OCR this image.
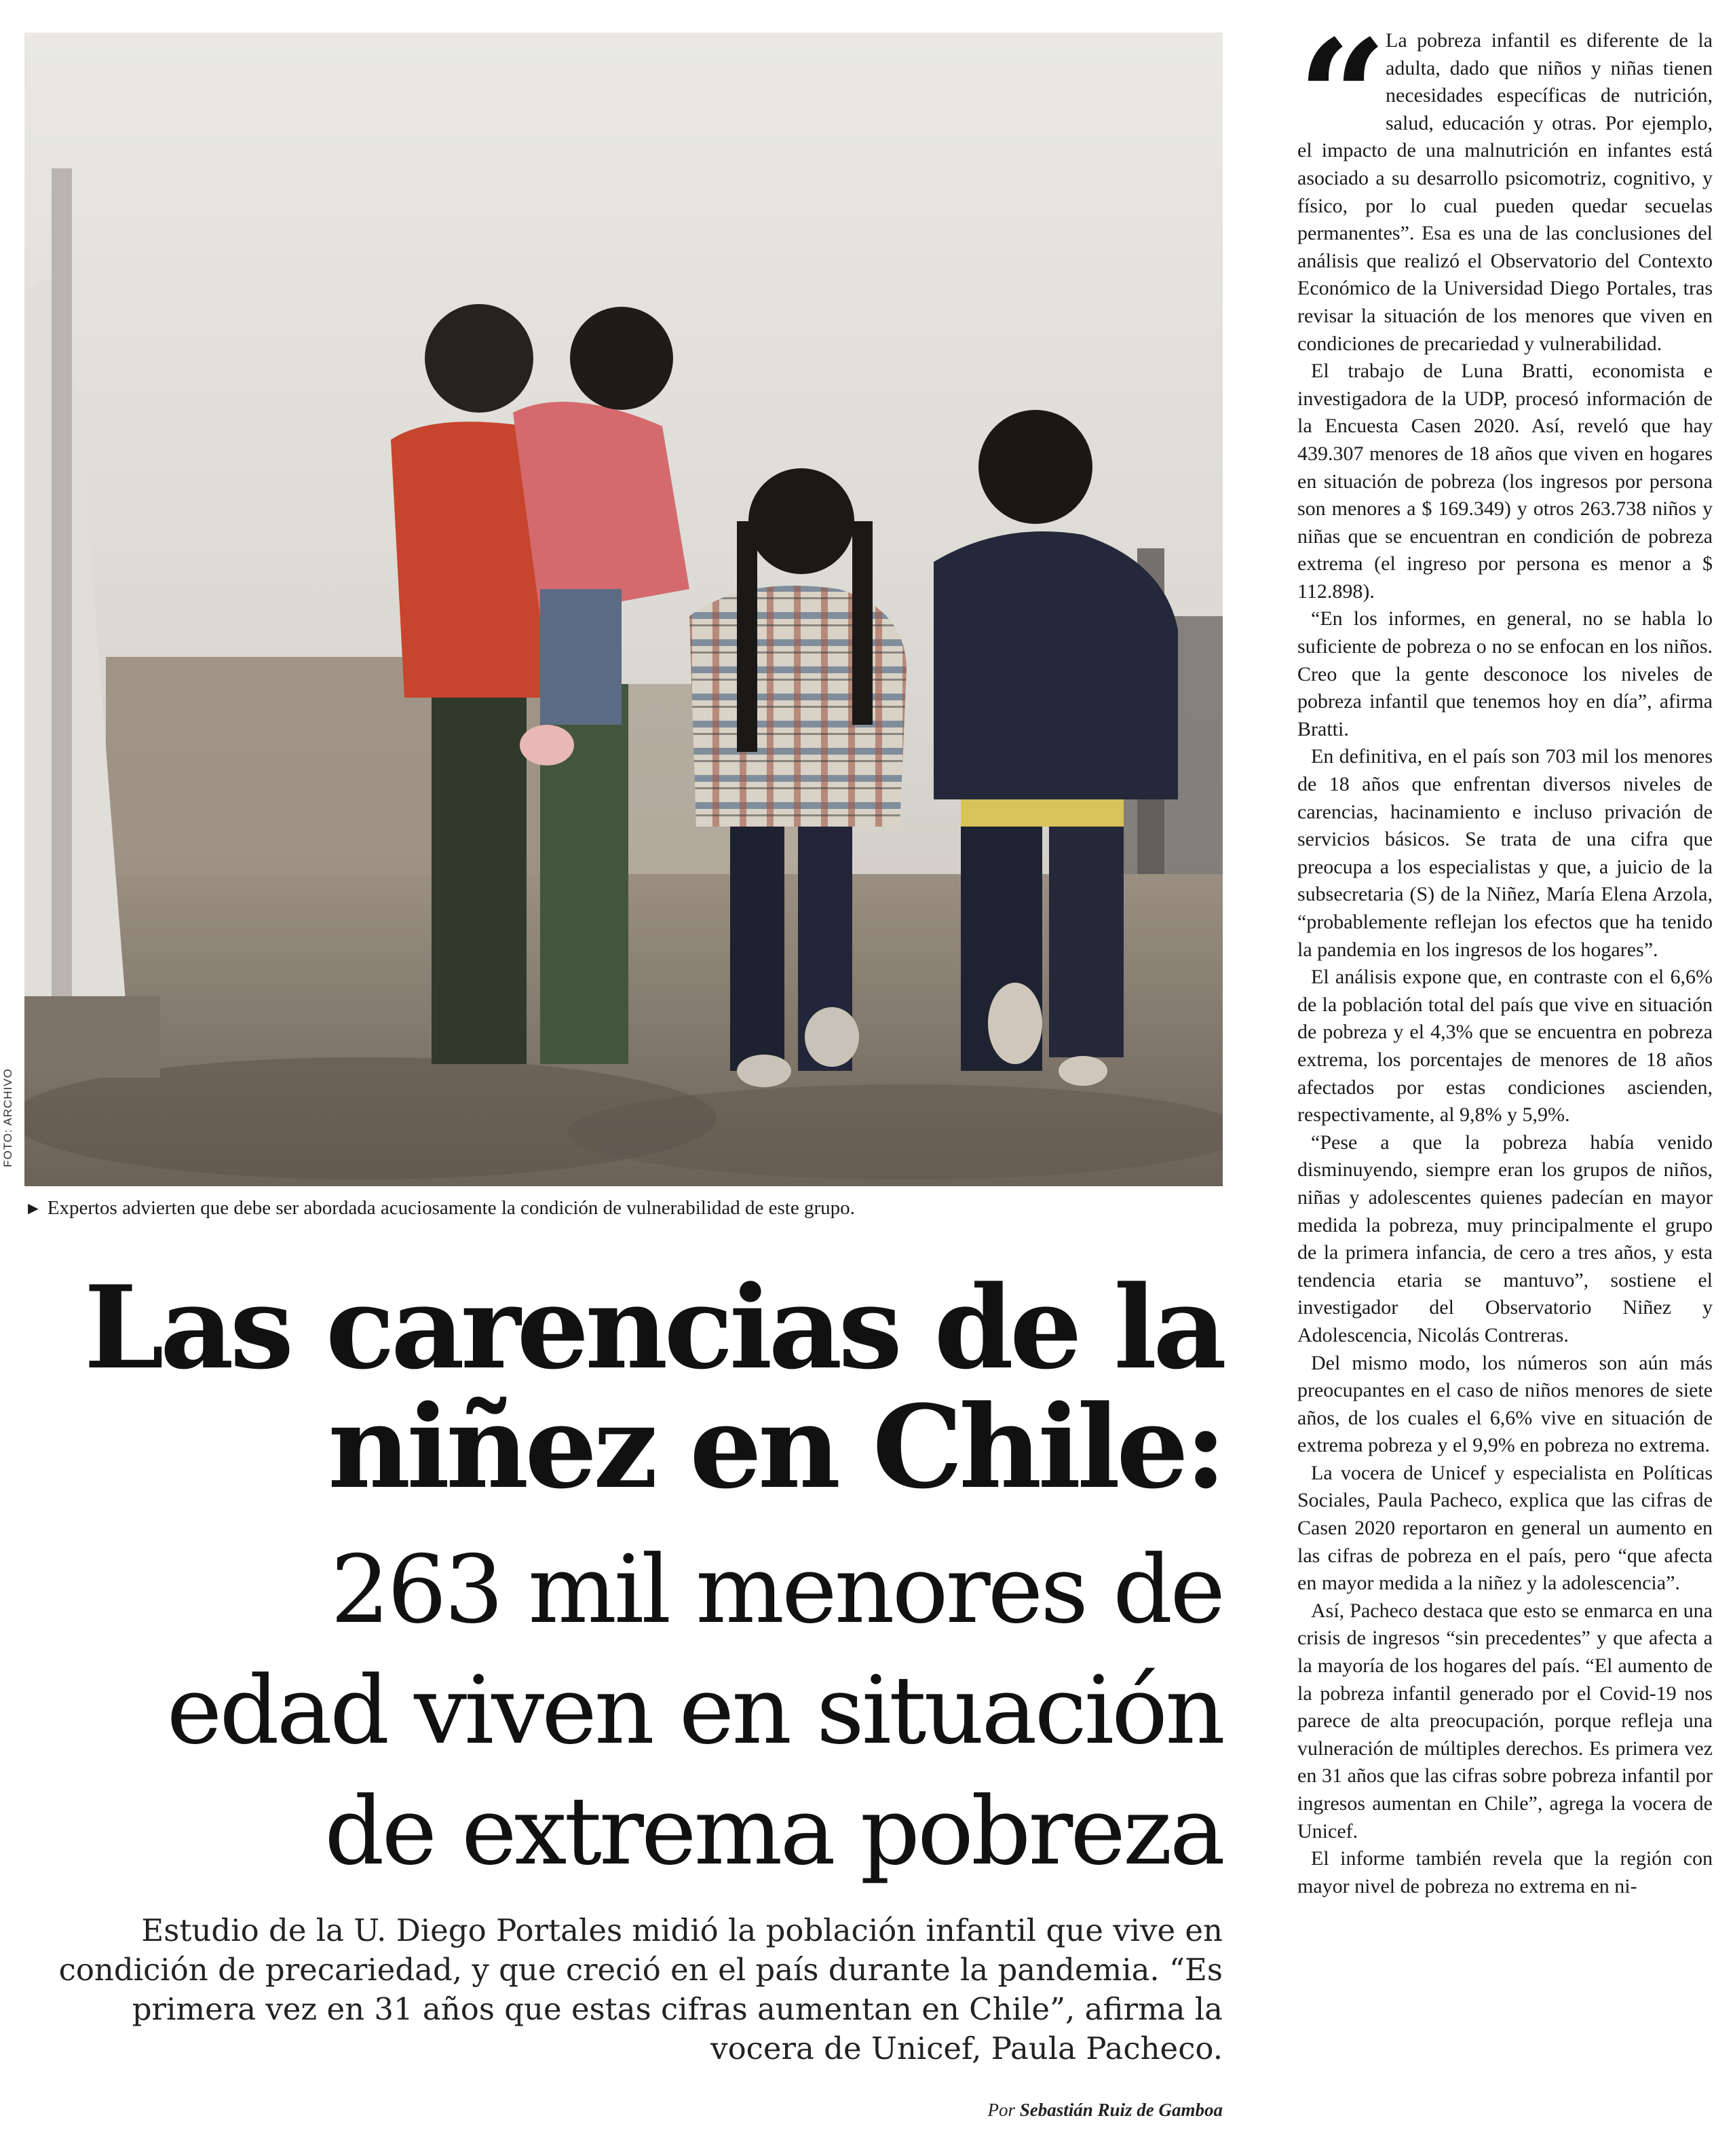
FOTO: ARCHIVO
► Expertos advierten que debe ser abordada acuciosamente la condición de vulnerabilidad de este grupo.
Las carencias de la
niñez en Chile:
263 mil menores de
edad viven en situación
de extrema pobreza

Estudio de la U. Diego Portales midió la población infantil que vive en condición de precariedad, y que creció en el país durante la pandemia. “Es primera vez en 31 años que estas cifras aumentan en Chile”, afirma la vocera de Unicef, Paula Pacheco.

Por Sebastián Ruiz de Gamboa
“

La pobreza infantil es diferente de la adulta, dado que niños y niñas tienen necesidades específicas de nutrición, salud, educación y otras. Por ejemplo, el impacto de una malnutrición en infantes está asociado a su desarrollo psicomotriz, cognitivo, y físico, por lo cual pueden quedar secuelas permanentes”. Esa es una de las conclusiones del análisis que realizó el Observatorio del Contexto Económico de la Universidad Diego Portales, tras revisar la situación de los menores que viven en condiciones de precariedad y vulnerabilidad.

El trabajo de Luna Bratti, economista e investigadora de la UDP, procesó información de la Encuesta Casen 2020. Así, reveló que hay 439.307 menores de 18 años que viven en hogares en situación de pobreza (los ingresos por persona son menores a $ 169.349) y otros 263.738 niños y niñas que se encuentran en condición de pobreza extrema (el ingreso por persona es menor a $ 112.898).

“En los informes, en general, no se habla lo suficiente de pobreza o no se enfocan en los niños. Creo que la gente desconoce los niveles de pobreza infantil que tenemos hoy en día”, afirma Bratti.

En definitiva, en el país son 703 mil los menores de 18 años que enfrentan diversos niveles de carencias, hacinamiento e incluso privación de servicios básicos. Se trata de una cifra que preocupa a los especialistas y que, a juicio de la subsecretaria (S) de la Niñez, María Elena Arzola, “probablemente reflejan los efectos que ha tenido la pandemia en los ingresos de los hogares”.

El análisis expone que, en contraste con el 6,6% de la población total del país que vive en situación de pobreza y el 4,3% que se encuentra en pobreza extrema, los porcentajes de menores de 18 años afectados por estas condiciones ascienden, respectivamente, al 9,8% y 5,9%.

“Pese a que la pobreza había venido disminuyendo, siempre eran los grupos de niños, niñas y adolescentes quienes padecían en mayor medida la pobreza, muy principalmente el grupo de la primera infancia, de cero a tres años, y esta tendencia etaria se mantuvo”, sostiene el investigador del Observatorio Niñez y Adolescencia, Nicolás Contreras.

Del mismo modo, los números son aún más preocupantes en el caso de niños menores de siete años, de los cuales el 6,6% vive en situación de extrema pobreza y el 9,9% en pobreza no extrema.

La vocera de Unicef y especialista en Políticas Sociales, Paula Pacheco, explica que las cifras de Casen 2020 reportaron en general un aumento en las cifras de pobreza en el país, pero “que afecta en mayor medida a la niñez y la adolescencia”.

Así, Pacheco destaca que esto se enmarca en una crisis de ingresos “sin precedentes” y que afecta a la mayoría de los hogares del país. “El aumento de la pobreza infantil generado por el Covid-19 nos parece de alta preocupación, porque refleja una vulneración de múltiples derechos. Es primera vez en 31 años que las cifras sobre pobreza infantil por ingresos aumentan en Chile”, agrega la vocera de Unicef.

El informe también revela que la región con mayor nivel de pobreza no extrema en ni-
